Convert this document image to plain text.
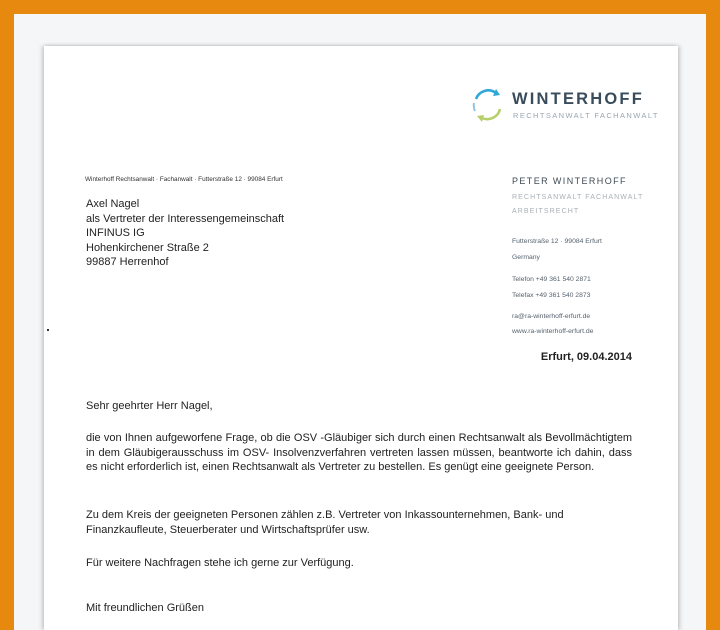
WINTERHOFF
RECHTSANWALT FACHANWALT
Winterhoff Rechtsanwalt · Fachanwalt · Futterstraße 12 · 99084 Erfurt
Axel Nagel
als Vertreter der Interessengemeinschaft
INFINUS IG
Hohenkirchener Straße 2
99887 Herrenhof
PETER WINTERHOFF
RECHTSANWALT FACHANWALT
ARBEITSRECHT
Futterstraße 12 · 99084 Erfurt
Germany
Telefon +49 361 540 2871
Telefax +49 361 540 2873
ra@ra-winterhoff-erfurt.de
www.ra-winterhoff-erfurt.de
Erfurt, 09.04.2014
Sehr geehrter Herr Nagel,
die von Ihnen aufgeworfene Frage, ob die OSV -Gläubiger sich durch einen Rechtsanwalt als Bevollmächtigtem in dem Gläubigerausschuss im OSV- Insolvenzverfahren vertreten lassen müssen, beantworte ich dahin, dass es nicht erforderlich ist, einen Rechtsanwalt als Vertreter zu bestellen. Es genügt eine geeignete Person.
Zu dem Kreis der geeigneten Personen zählen z.B. Vertreter von Inkassounternehmen, Bank- und Finanzkaufleute, Steuerberater und Wirtschaftsprüfer usw.
Für weitere Nachfragen stehe ich gerne zur Verfügung.
Mit freundlichen Grüßen
